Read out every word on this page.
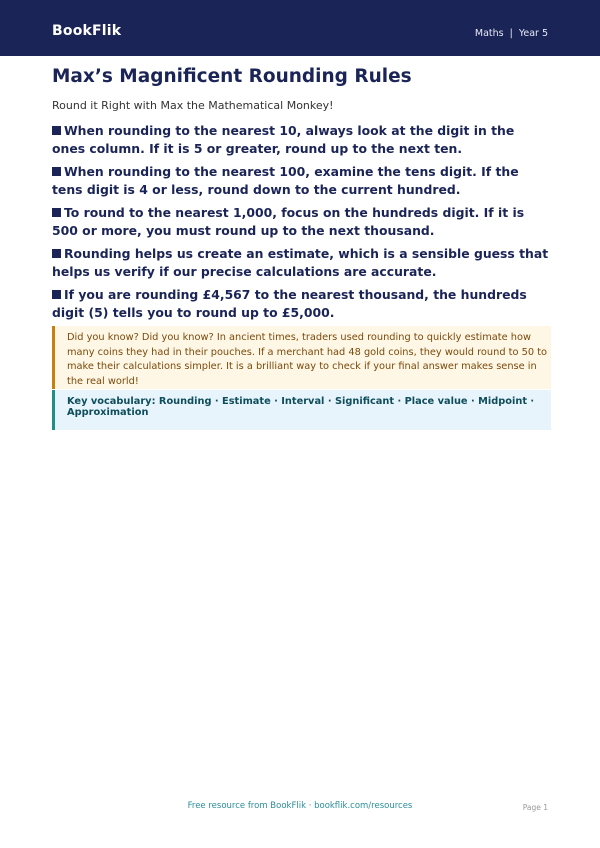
BookFlik	Maths | Year 5
Max’s Magnificent Rounding Rules

Round it Right with Max the Mathematical Monkey!

When rounding to the nearest 10, always look at the digit in the ones column. If it is 5 or greater, round up to the next ten.
When rounding to the nearest 100, examine the tens digit. If the tens digit is 4 or less, round down to the current hundred.
To round to the nearest 1,000, focus on the hundreds digit. If it is 500 or more, you must round up to the next thousand.
Rounding helps us create an estimate, which is a sensible guess that helps us verify if our precise calculations are accurate.
If you are rounding £4,567 to the nearest thousand, the hundreds digit (5) tells you to round up to £5,000.
Did you know? Did you know? In ancient times, traders used rounding to quickly estimate how many coins they had in their pouches. If a merchant had 48 gold coins, they would round to 50 to make their calculations simpler. It is a brilliant way to check if your final answer makes sense in the real world!
Key vocabulary: Rounding · Estimate · Interval · Significant · Place value · Midpoint · Approximation
Free resource from BookFlik · bookflik.com/resources	Page 1
